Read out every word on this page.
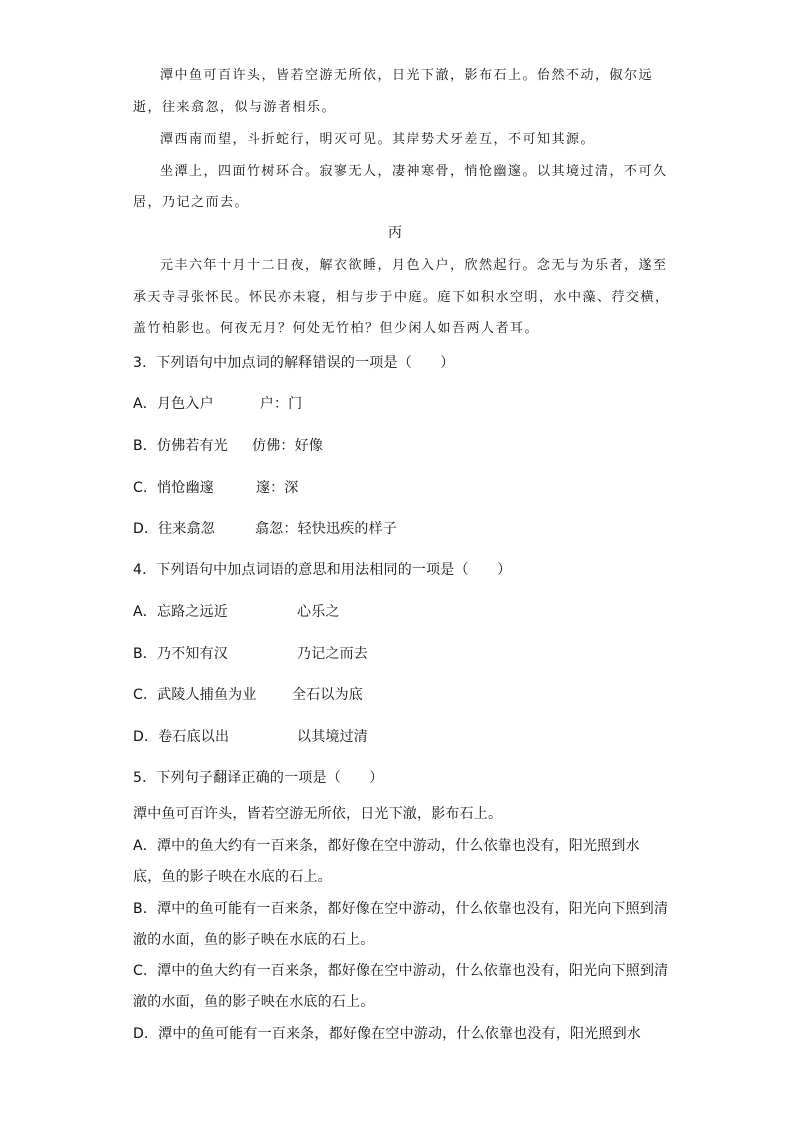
潭中鱼可百许头，皆若空游无所依，日光下澈，影布石上。佁然不动，俶尔远
逝，往来翕忽，似与游者相乐。
潭西南而望，斗折蛇行，明灭可见。其岸势犬牙差互，不可知其源。
坐潭上，四面竹树环合。寂寥无人，凄神寒骨，悄怆幽邃。以其境过清，不可久
居，乃记之而去。
丙
元丰六年十月十二日夜，解衣欲睡，月色入户，欣然起行。念无与为乐者，遂至
承天寺寻张怀民。怀民亦未寝，相与步于中庭。庭下如积水空明，水中藻、荇交横，
盖竹柏影也。何夜无月？何处无竹柏？但少闲人如吾两人者耳。
3．下列语句中加点词的解释错误的一项是（　　）
A．月色入户	户：门
B．仿佛若有光 仿佛：好像
C．悄怆幽邃	邃：深
D．往来翕忽	翕忽：轻快迅疾的样子
4．下列语句中加点词语的意思和用法相同的一项是（　　）
A．忘路之远近	心乐之
B．乃不知有汉	乃记之而去
C．武陵人捕鱼为业	全石以为底
D．卷石底以出	以其境过清
5．下列句子翻译正确的一项是（　　）
潭中鱼可百许头，皆若空游无所依，日光下澈，影布石上。
A．潭中的鱼大约有一百来条，都好像在空中游动，什么依靠也没有，阳光照到水
底，鱼的影子映在水底的石上。
B．潭中的鱼可能有一百来条，都好像在空中游动，什么依靠也没有，阳光向下照到清
澈的水面，鱼的影子映在水底的石上。
C．潭中的鱼大约有一百来条，都好像在空中游动，什么依靠也没有，阳光向下照到清
澈的水面，鱼的影子映在水底的石上。
D．潭中的鱼可能有一百来条，都好像在空中游动，什么依靠也没有，阳光照到水
